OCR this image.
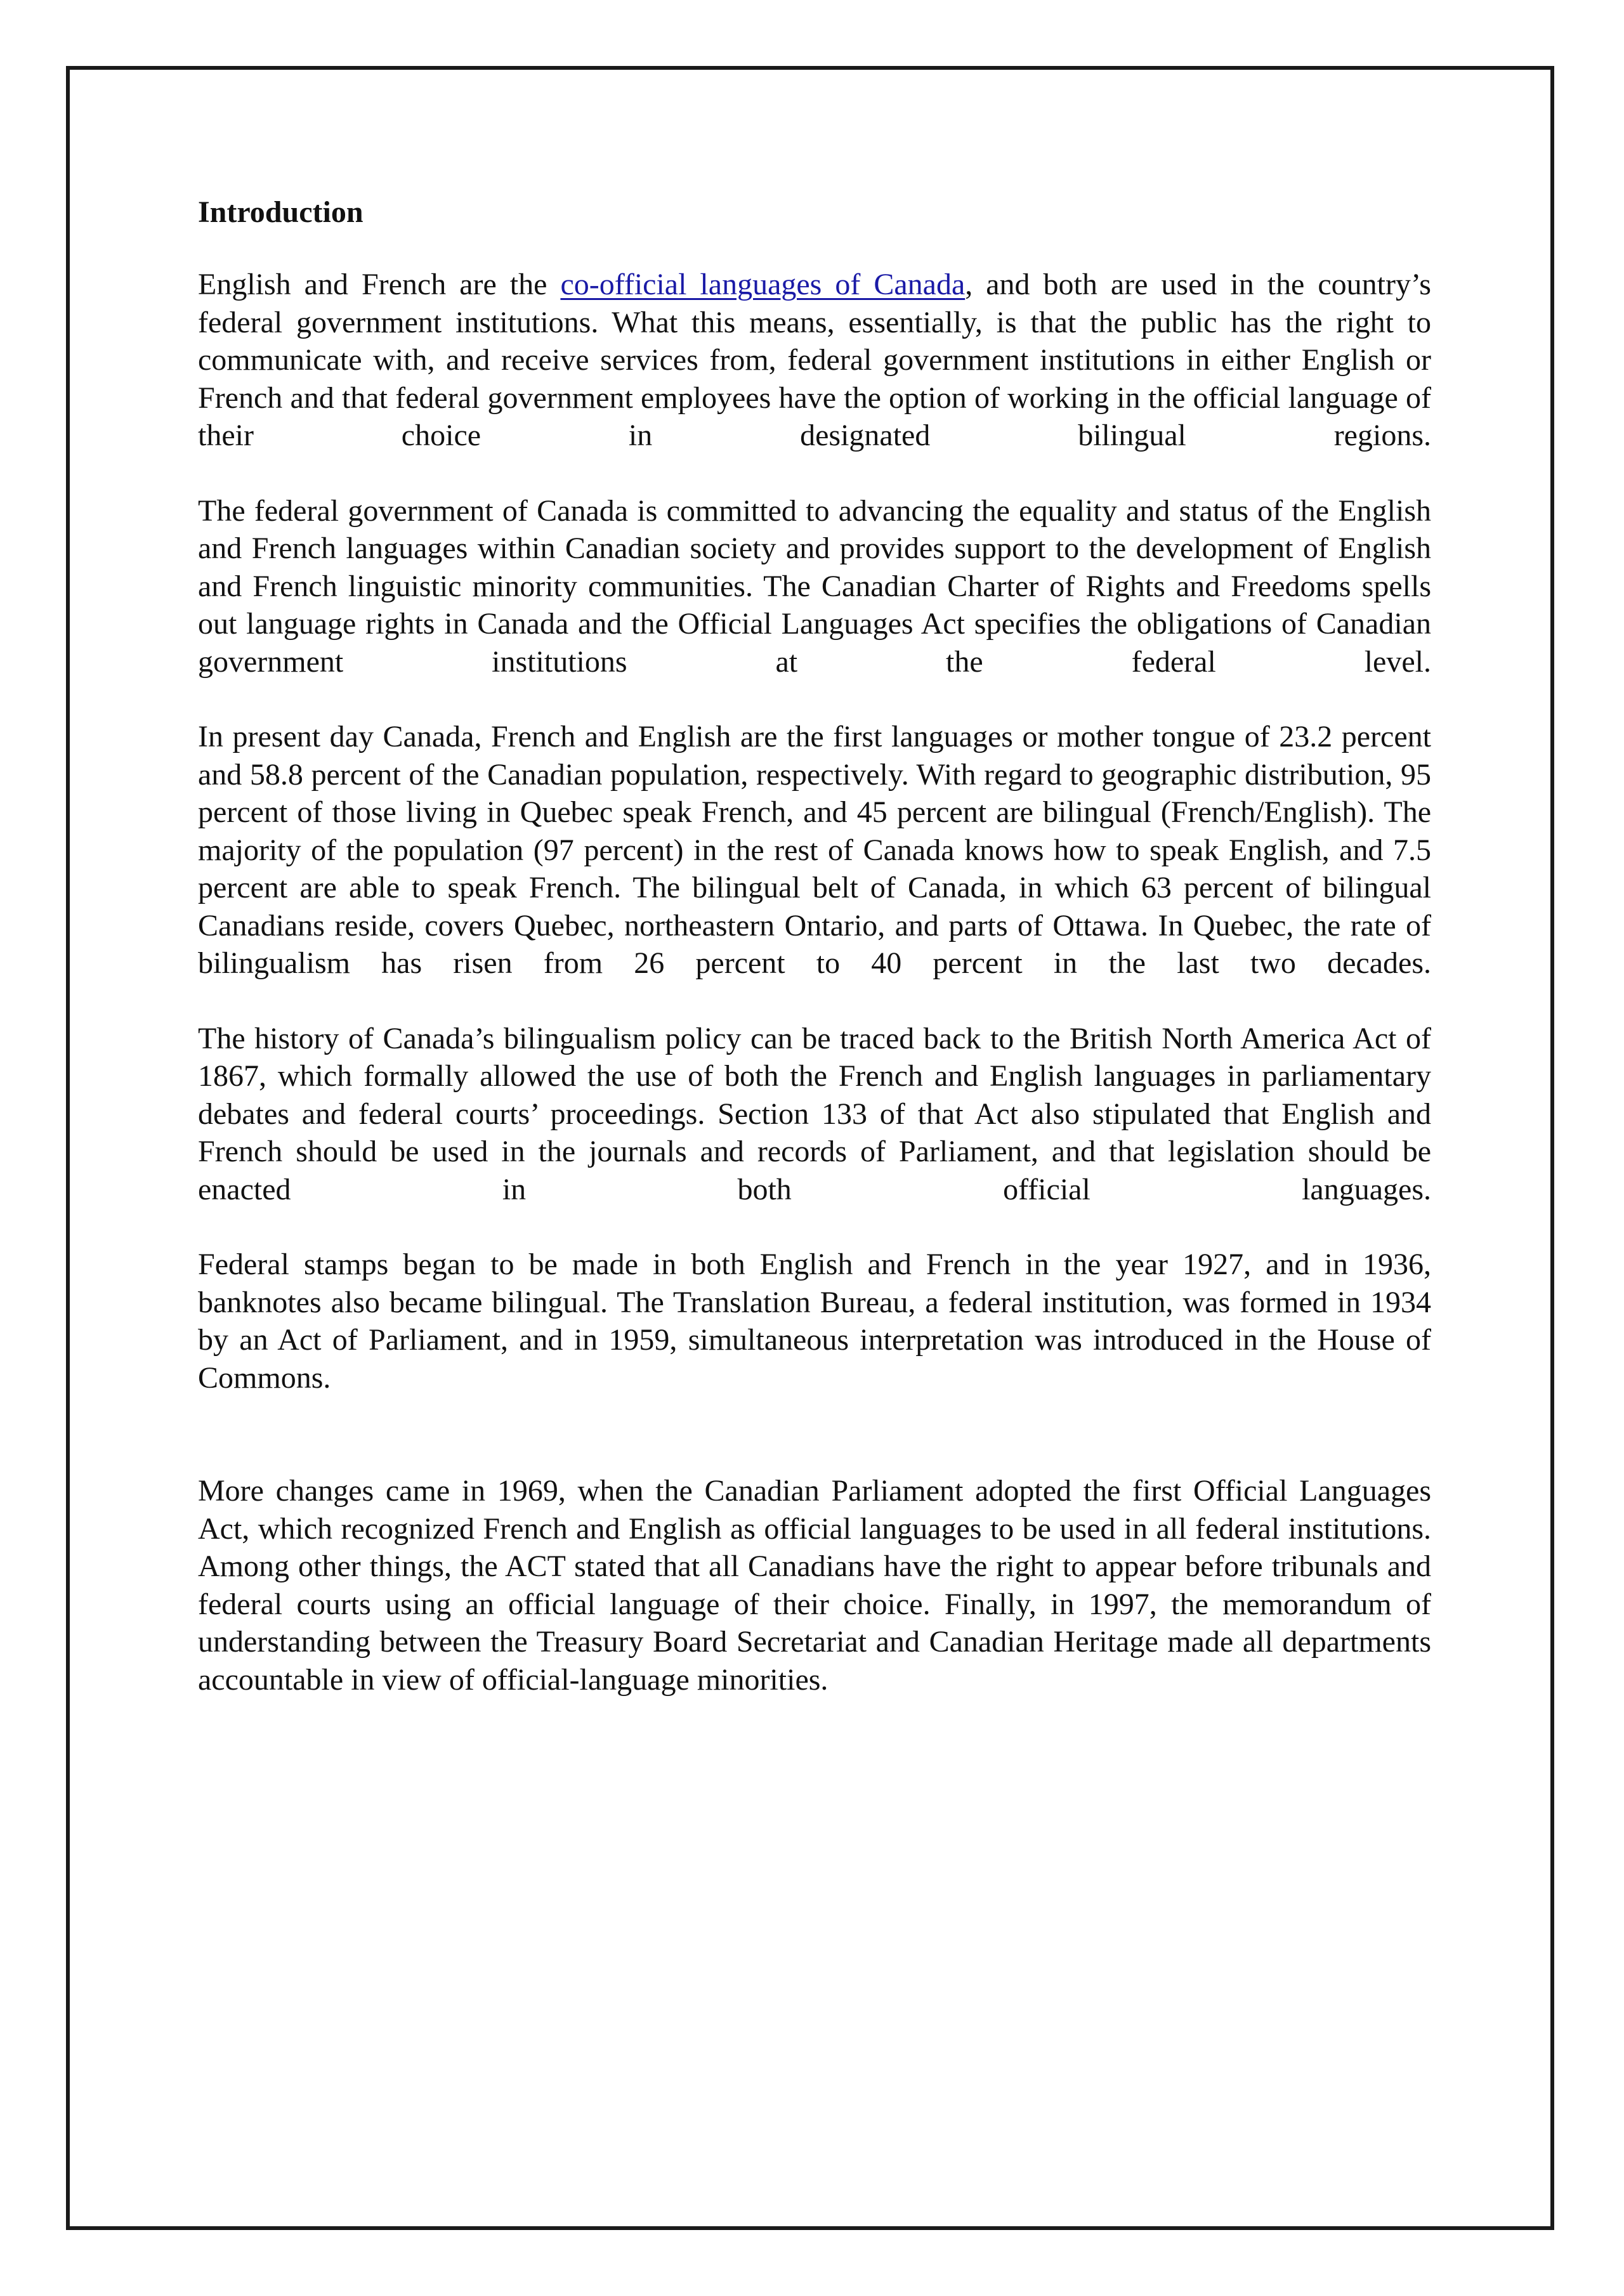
Introduction

English and French are the co-official languages of Canada, and both are used in the country’s federal government institutions. What this means, essentially, is that the public has the right to communicate with, and receive services from, federal government institutions in either English or French and that federal government employees have the option of working in the official language of their choice in designated bilingual regions.

The federal government of Canada is committed to advancing the equality and status of the English and French languages within Canadian society and provides support to the development of English and French linguistic minority communities. The Canadian Charter of Rights and Freedoms spells out language rights in Canada and the Official Languages Act specifies the obligations of Canadian government institutions at the federal level.

In present day Canada, French and English are the first languages or mother tongue of 23.2 percent and 58.8 percent of the Canadian population, respectively. With regard to geographic distribution, 95 percent of those living in Quebec speak French, and 45 percent are bilingual (French/English). The majority of the population (97 percent) in the rest of Canada knows how to speak English, and 7.5 percent are able to speak French. The bilingual belt of Canada, in which 63 percent of bilingual Canadians reside, covers Quebec, northeastern Ontario, and parts of Ottawa. In Quebec, the rate of bilingualism has risen from 26 percent to 40 percent in the last two decades.

The history of Canada’s bilingualism policy can be traced back to the British North America Act of 1867, which formally allowed the use of both the French and English languages in parliamentary debates and federal courts’ proceedings. Section 133 of that Act also stipulated that English and French should be used in the journals and records of Parliament, and that legislation should be enacted in both official languages.

Federal stamps began to be made in both English and French in the year 1927, and in 1936, banknotes also became bilingual. The Translation Bureau, a federal institution, was formed in 1934 by an Act of Parliament, and in 1959, simultaneous interpretation was introduced in the House of Commons.

More changes came in 1969, when the Canadian Parliament adopted the first Official Languages Act, which recognized French and English as official languages to be used in all federal institutions. Among other things, the ACT stated that all Canadians have the right to appear before tribunals and federal courts using an official language of their choice. Finally, in 1997, the memorandum of understanding between the Treasury Board Secretariat and Canadian Heritage made all departments accountable in view of official-language minorities.
